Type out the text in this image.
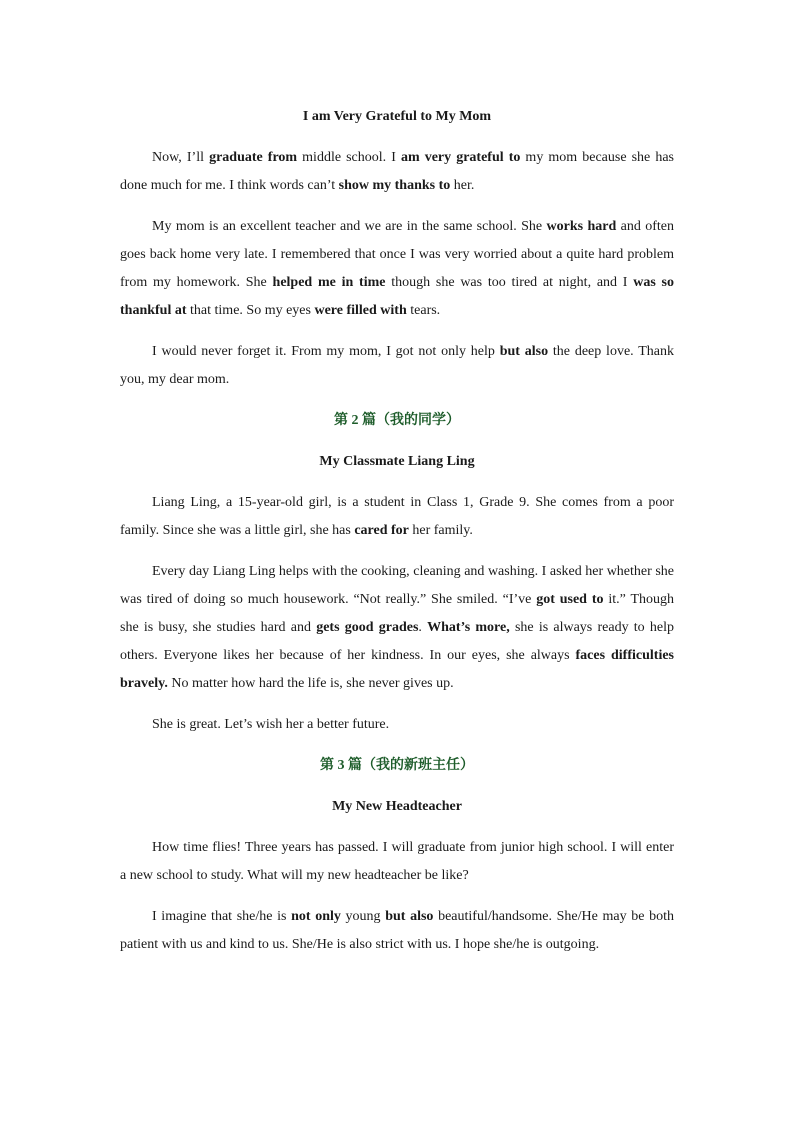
I am Very Grateful to My Mom

Now, I’ll graduate from middle school. I am very grateful to my mom because she has done much for me. I think words can’t show my thanks to her.

My mom is an excellent teacher and we are in the same school. She works hard and often goes back home very late. I remembered that once I was very worried about a quite hard problem from my homework. She helped me in time though she was too tired at night, and I was so thankful at that time. So my eyes were filled with tears.

I would never forget it. From my mom, I got not only help but also the deep love. Thank you, my dear mom.

第 2 篇（我的同学）
My Classmate Liang Ling

Liang Ling, a 15-year-old girl, is a student in Class 1, Grade 9. She comes from a poor family. Since she was a little girl, she has cared for her family.

Every day Liang Ling helps with the cooking, cleaning and washing. I asked her whether she was tired of doing so much housework. “Not really.” She smiled. “I’ve got used to it.” Though she is busy, she studies hard and gets good grades. What’s more, she is always ready to help others. Everyone likes her because of her kindness. In our eyes, she always faces difficulties bravely. No matter how hard the life is, she never gives up.

She is great. Let’s wish her a better future.

第 3 篇（我的新班主任）
My New Headteacher

How time flies! Three years has passed. I will graduate from junior high school. I will enter a new school to study. What will my new headteacher be like?

I imagine that she/he is not only young but also beautiful/handsome. She/He may be both patient with us and kind to us. She/He is also strict with us. I hope she/he is outgoing.
